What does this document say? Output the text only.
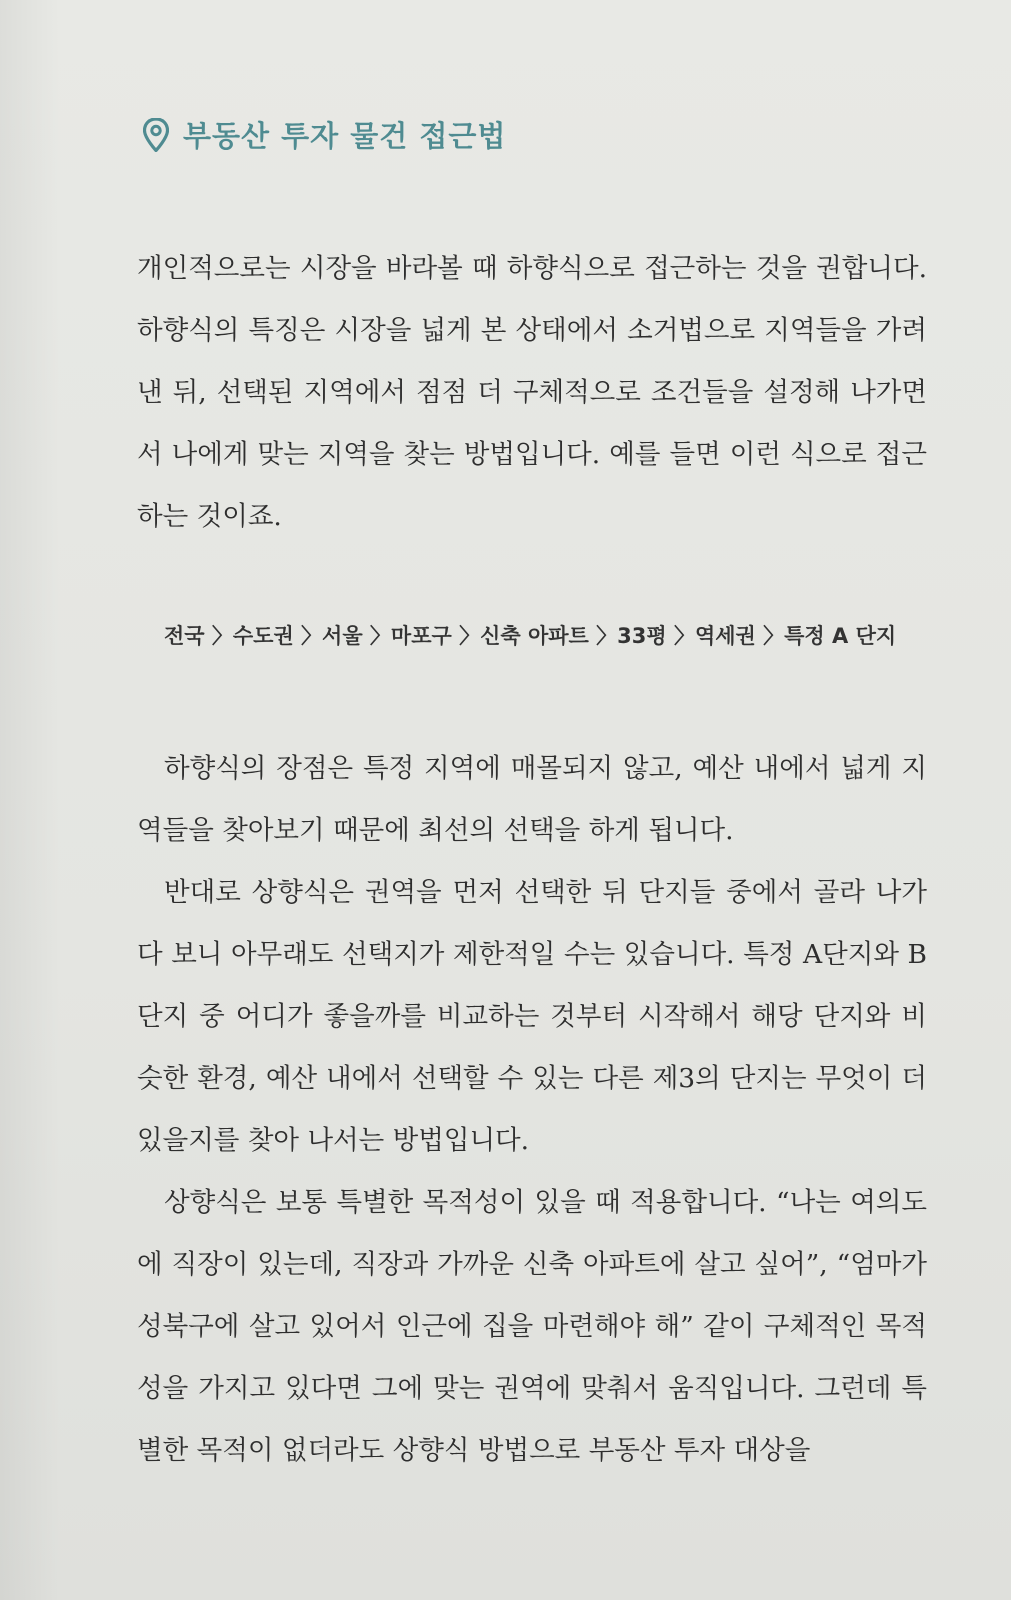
부동산 투자 물건 접근법

개인적으로는 시장을 바라볼 때 하향식으로 접근하는 것을 권합니다. 하향식의 특징은 시장을 넓게 본 상태에서 소거법으로 지역들을 가려낸 뒤, 선택된 지역에서 점점 더 구체적으로 조건들을 설정해 나가면서 나에게 맞는 지역을 찾는 방법입니다. 예를 들면 이런 식으로 접근하는 것이죠.

전국 〉수도권 〉서울 〉마포구 〉신축 아파트 〉33평 〉역세권 〉특정 A 단지

하향식의 장점은 특정 지역에 매몰되지 않고, 예산 내에서 넓게 지역들을 찾아보기 때문에 최선의 선택을 하게 됩니다.

반대로 상향식은 권역을 먼저 선택한 뒤 단지들 중에서 골라 나가다 보니 아무래도 선택지가 제한적일 수는 있습니다. 특정 A단지와 B단지 중 어디가 좋을까를 비교하는 것부터 시작해서 해당 단지와 비슷한 환경, 예산 내에서 선택할 수 있는 다른 제3의 단지는 무엇이 더 있을지를 찾아 나서는 방법입니다.

상향식은 보통 특별한 목적성이 있을 때 적용합니다. “나는 여의도에 직장이 있는데, 직장과 가까운 신축 아파트에 살고 싶어”, “엄마가 성북구에 살고 있어서 인근에 집을 마련해야 해” 같이 구체적인 목적성을 가지고 있다면 그에 맞는 권역에 맞춰서 움직입니다. 그런데 특별한 목적이 없더라도 상향식 방법으로 부동산 투자 대상을
